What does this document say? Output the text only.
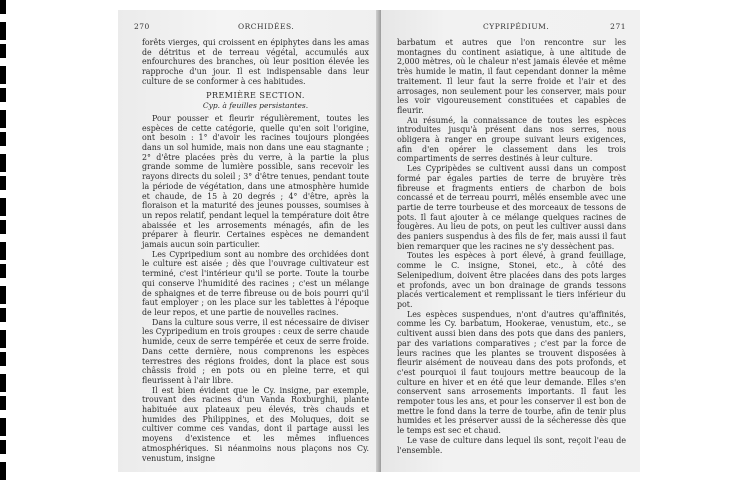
270	ORCHIDÉES.

forêts vierges, qui croissent en épiphytes dans les amas de détritus et de terreau végétal, accumulés aux enfourchures des branches, où leur position élevée les rapproche d'un jour. Il est indispensable dans leur culture de se conformer à ces habitudes.

PREMIÈRE SECTION.
Cyp. à feuilles persistantes.

Pour pousser et fleurir régulièrement, toutes les espèces de cette catégorie, quelle qu'en soit l'origine, ont besoin : 1° d'avoir les racines toujours plongées dans un sol humide, mais non dans une eau stagnante ; 2° d'être placées près du verre, à la partie la plus grande somme de lumière possible, sans recevoir les rayons directs du soleil ; 3° d'être tenues, pendant toute la période de végétation, dans une atmosphère humide et chaude, de 15 à 20 degrés ; 4° d'être, après la floraison et la maturité des jeunes pousses, soumises à un repos relatif, pendant lequel la température doit être abaissée et les arrosements ménagés, afin de les préparer à fleurir. Certaines espèces ne demandent jamais aucun soin particulier.

Les Cypripedium sont au nombre des orchidées dont le culture est aisée ; dès que l'ouvrage cultivateur est terminé, c'est l'intérieur qu'il se porte. Toute la tourbe qui conserve l'humidité des racines ; c'est un mélange de sphaignes et de terre fibreuse ou de bois pourri qu'il faut employer ; on les place sur les tablettes à l'époque de leur repos, et une partie de nouvelles racines.

Dans la culture sous verre, il est nécessaire de diviser les Cypripedium en trois groupes : ceux de serre chaude humide, ceux de serre tempérée et ceux de serre froide. Dans cette dernière, nous comprenons les espèces terrestres des régions froides, dont la place est sous châssis froid ; en pots ou en pleine terre, et qui fleurissent à l'air libre.

Il est bien évident que le Cy. insigne, par exemple, trouvant des racines d'un Vanda Roxburghii, plante habituée aux plateaux peu élevés, très chauds et humides des Philippines, et des Moluques, doit se cultiver comme ces vandas, dont il partage aussi les moyens d'existence et les mêmes influences atmosphériques. Si néanmoins nous plaçons nos Cy. venustum, insigne

CYPRIPÉDIUM.	271

barbatum et autres que l'on rencontre sur les montagnes du continent asiatique, à une altitude de 2,000 mètres, où le chaleur n'est jamais élevée et même très humide le matin, il faut cependant donner la même traitement. Il leur faut la serre froide et l'air et des arrosages, non seulement pour les conserver, mais pour les voir vigoureusement constituées et capables de fleurir.

Au résumé, la connaissance de toutes les espèces introduites jusqu'à présent dans nos serres, nous obligera à ranger en groupe suivant leurs exigences, afin d'en opérer le classement dans les trois compartiments de serres destinés à leur culture.

Les Cypripèdes se cultivent aussi dans un compost formé par égales parties de terre de bruyère très fibreuse et fragments entiers de charbon de bois concassé et de terreau pourri, mêlés ensemble avec une partie de terre tourbeuse et des morceaux de tessons de pots. Il faut ajouter à ce mélange quelques racines de fougères. Au lieu de pots, on peut les cultiver aussi dans des paniers suspendus à des fils de fer, mais aussi il faut bien remarquer que les racines ne s'y dessèchent pas.

Toutes les espèces à port élevé, à grand feuillage, comme le C. insigne, Stonei, etc., à côté des Selenipedium, doivent être placées dans des pots larges et profonds, avec un bon drainage de grands tessons placés verticalement et remplissant le tiers inférieur du pot.

Les espèces suspendues, n'ont d'autres qu'affinités, comme les Cy. barbatum, Hookerae, venustum, etc., se cultivent aussi bien dans des pots que dans des paniers, par des variations comparatives ; c'est par la force de leurs racines que les plantes se trouvent disposées à fleurir aisément de nouveau dans des pots profonds, et c'est pourquoi il faut toujours mettre beaucoup de la culture en hiver et en été que leur demande. Elles s'en conservent sans arrosements importants. Il faut les rempoter tous les ans, et pour les conserver il est bon de mettre le fond dans la terre de tourbe, afin de tenir plus humides et les préserver aussi de la sécheresse dès que le temps est sec et chaud.

Le vase de culture dans lequel ils sont, reçoit l'eau de l'ensemble.
